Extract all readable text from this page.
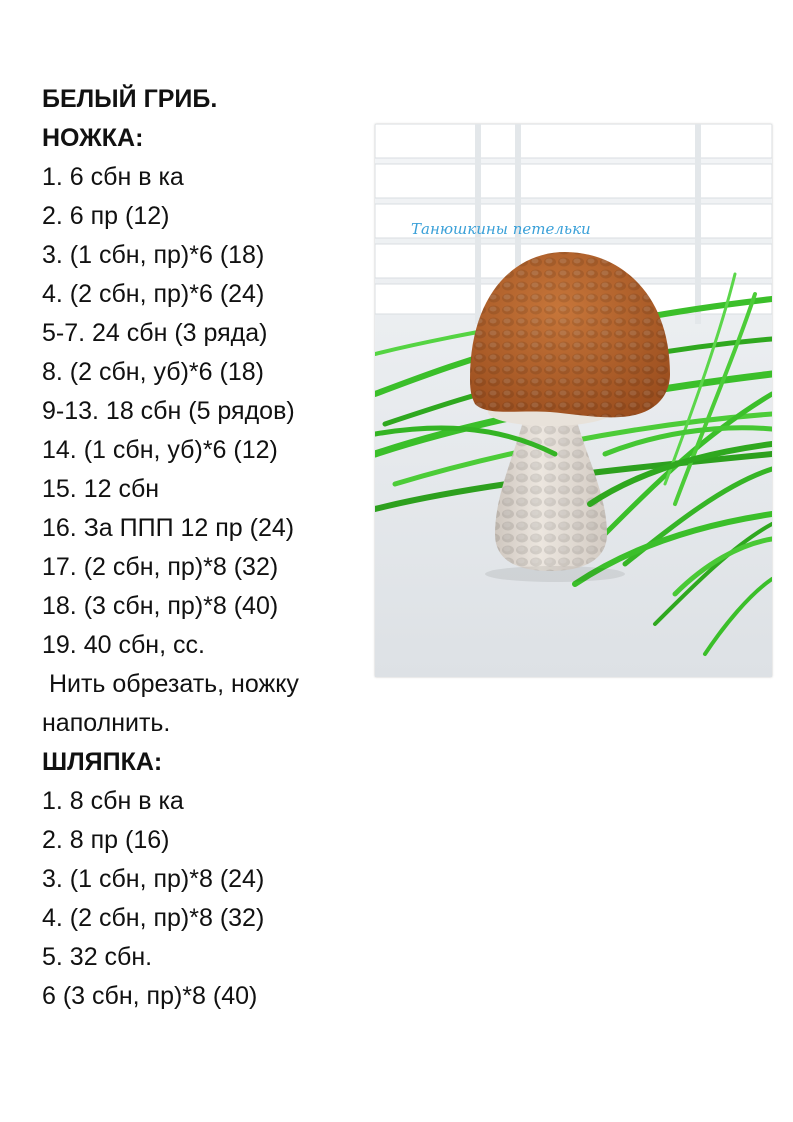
БЕЛЫЙ ГРИБ.
НОЖКА:
1. 6 сбн в ка
2. 6 пр (12)
3. (1 сбн, пр)*6 (18)
4. (2 сбн, пр)*6 (24)
5-7. 24 сбн (3 ряда)
8. (2 сбн, уб)*6 (18)
9-13. 18 сбн (5 рядов)
14. (1 сбн, уб)*6 (12)
15. 12 сбн
16. За ППП 12 пр (24)
17. (2 сбн, пр)*8 (32)
18. (3 сбн, пр)*8 (40)
19. 40 сбн, сс.
Нить обрезать, ножку наполнить.
ШЛЯПКА:
1. 8 сбн в ка
2. 8 пр (16)
3. (1 сбн, пр)*8 (24)
4. (2 сбн, пр)*8 (32)
5. 32 сбн.
6 (3 сбн, пр)*8 (40)
Танюшкины петельки
